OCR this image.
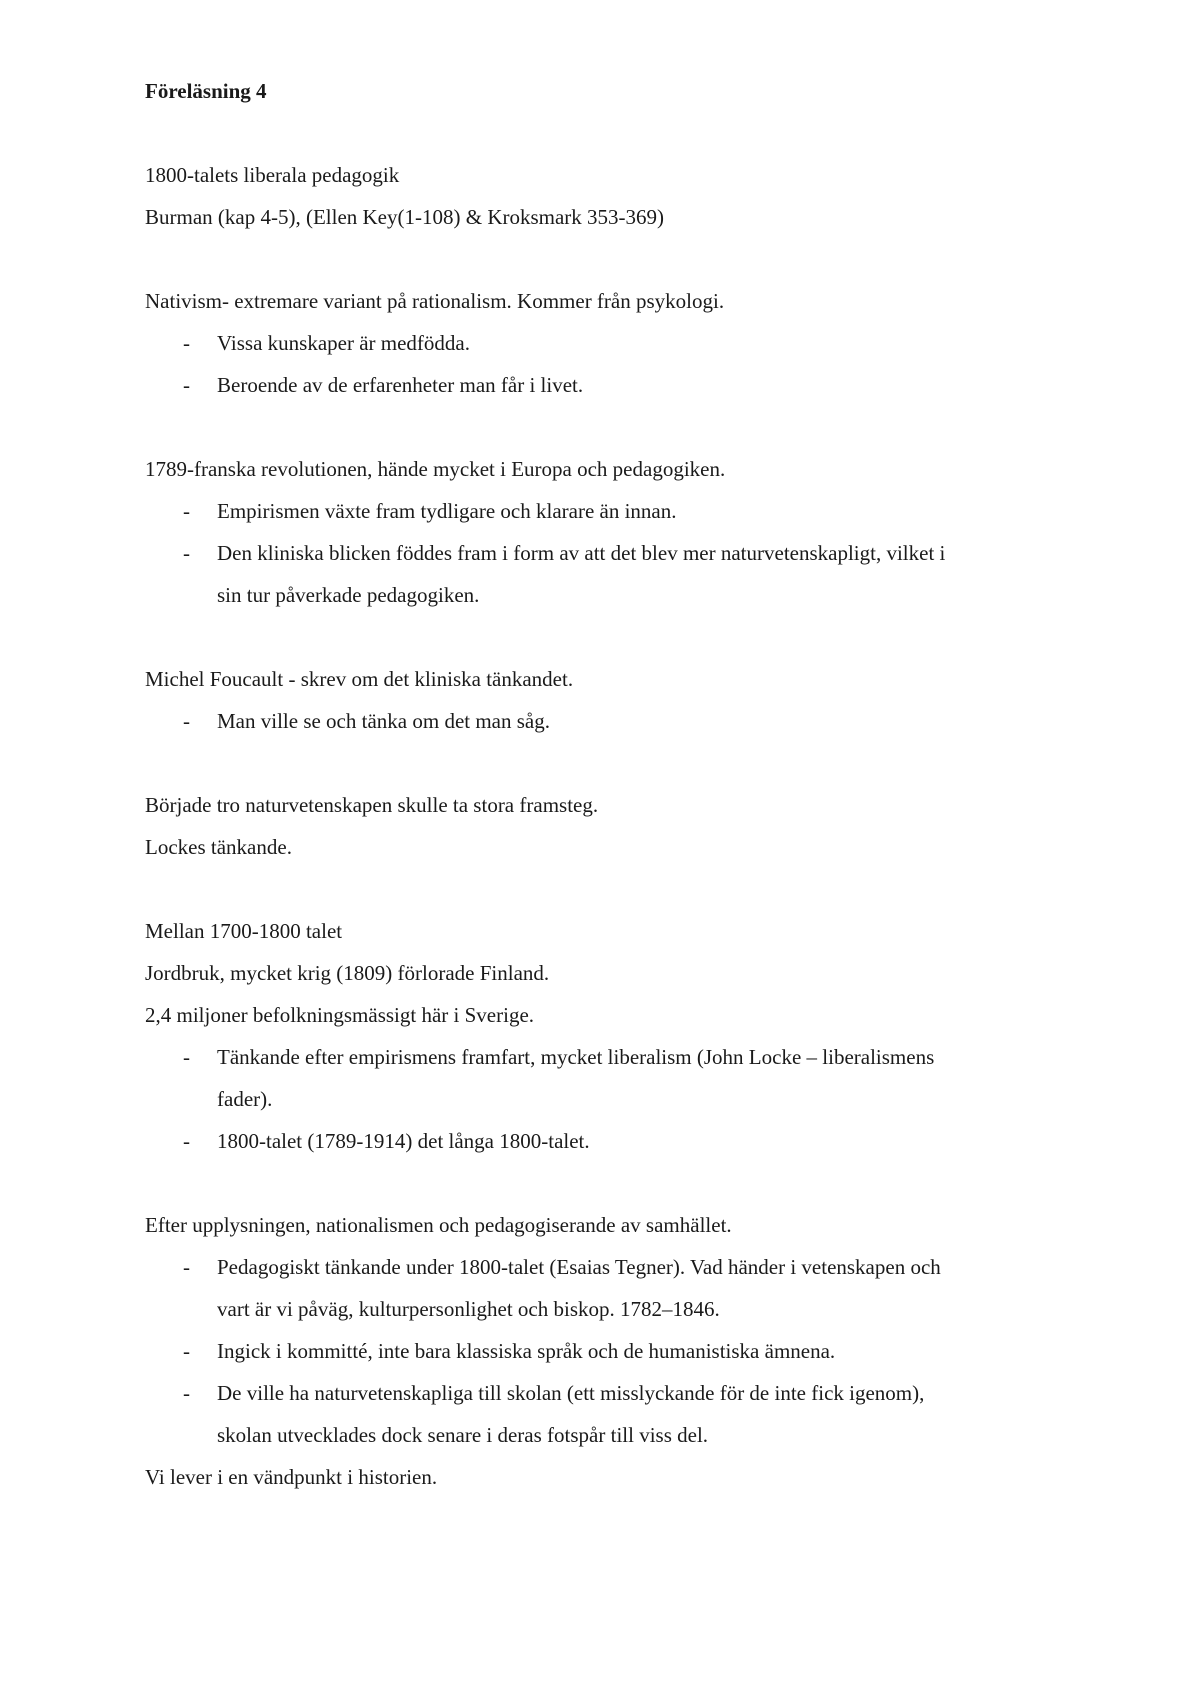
Föreläsning 4
1800-talets liberala pedagogik
Burman (kap 4-5), (Ellen Key(1-108) & Kroksmark 353-369)
Nativism- extremare variant på rationalism. Kommer från psykologi.
- Vissa kunskaper är medfödda.
- Beroende av de erfarenheter man får i livet.
1789-franska revolutionen, hände mycket i Europa och pedagogiken.
- Empirismen växte fram tydligare och klarare än innan.
- Den kliniska blicken föddes fram i form av att det blev mer naturvetenskapligt, vilket i
sin tur påverkade pedagogiken.
Michel Foucault - skrev om det kliniska tänkandet.
- Man ville se och tänka om det man såg.
Började tro naturvetenskapen skulle ta stora framsteg.
Lockes tänkande.
Mellan 1700-1800 talet
Jordbruk, mycket krig (1809) förlorade Finland.
2,4 miljoner befolkningsmässigt här i Sverige.
- Tänkande efter empirismens framfart, mycket liberalism (John Locke – liberalismens
fader).
- 1800-talet (1789-1914) det långa 1800-talet.
Efter upplysningen, nationalismen och pedagogiserande av samhället.
- Pedagogiskt tänkande under 1800-talet (Esaias Tegner). Vad händer i vetenskapen och
vart är vi påväg, kulturpersonlighet och biskop. 1782–1846.
- Ingick i kommitté, inte bara klassiska språk och de humanistiska ämnena.
- De ville ha naturvetenskapliga till skolan (ett misslyckande för de inte fick igenom),
skolan utvecklades dock senare i deras fotspår till viss del.
Vi lever i en vändpunkt i historien.
